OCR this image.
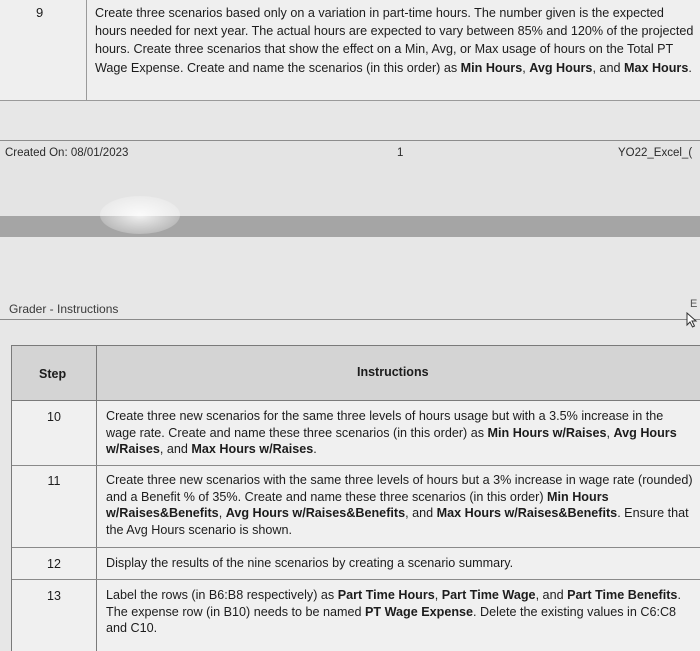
9	Create three scenarios based only on a variation in part-time hours. The number given is the expected hours needed for next year. The actual hours are expected to vary between 85% and 120% of the projected hours. Create three scenarios that show the effect on a Min, Avg, or Max usage of hours on the Total PT Wage Expense. Create and name the scenarios (in this order) as Min Hours, Avg Hours, and Max Hours.
Created On: 08/01/2023	1	YO22_Excel_(
Grader - Instructions	E
Step	Instructions
10	Create three new scenarios for the same three levels of hours usage but with a 3.5% increase in the wage rate. Create and name these three scenarios (in this order) as Min Hours w/Raises, Avg Hours w/Raises, and Max Hours w/Raises.
11	Create three new scenarios with the same three levels of hours but a 3% increase in wage rate (rounded) and a Benefit % of 35%. Create and name these three scenarios (in this order) Min Hours w/Raises&Benefits, Avg Hours w/Raises&Benefits, and Max Hours w/Raises&Benefits. Ensure that the Avg Hours scenario is shown.
12	Display the results of the nine scenarios by creating a scenario summary.
13	Label the rows (in B6:B8 respectively) as Part Time Hours, Part Time Wage, and Part Time Benefits. The expense row (in B10) needs to be named PT Wage Expense. Delete the existing values in C6:C8 and C10.
